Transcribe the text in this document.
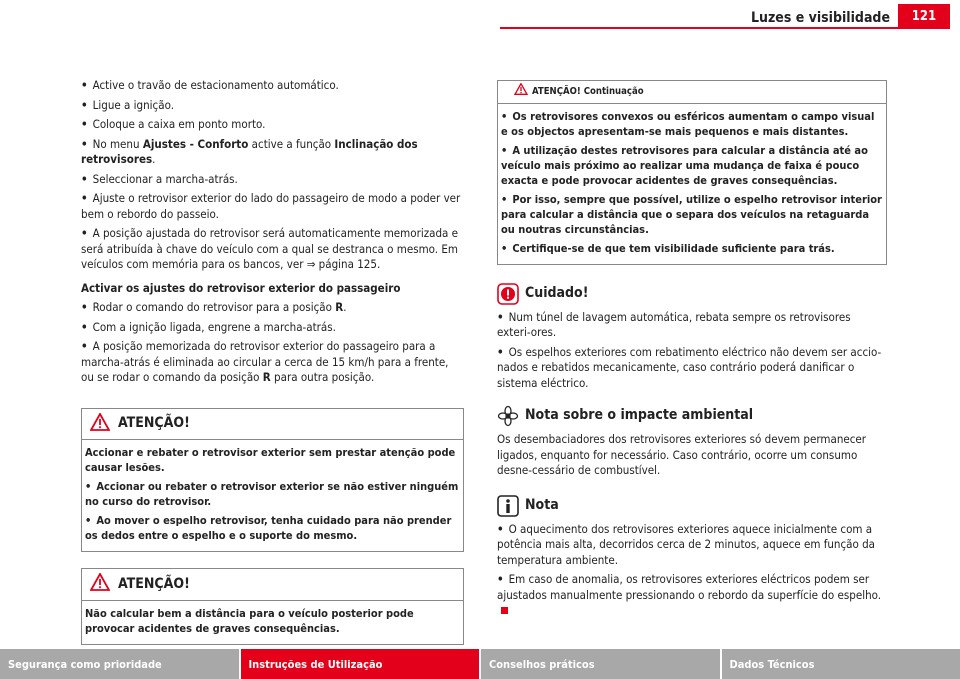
Luzes e visibilidade	121

• Active o travão de estacionamento automático.

• Ligue a ignição.

• Coloque a caixa em ponto morto.

• No menu Ajustes - Conforto active a função Inclinação dos retrovisores.

• Seleccionar a marcha-atrás.

• Ajuste o retrovisor exterior do lado do passageiro de modo a poder ver bem o rebordo do passeio.

• A posição ajustada do retrovisor será automaticamente memorizada e será atribuída à chave do veículo com a qual se destranca o mesmo. Em veículos com memória para os bancos, ver ⇒ página 125.

Activar os ajustes do retrovisor exterior do passageiro

• Rodar o comando do retrovisor para a posição R.

• Com a ignição ligada, engrene a marcha-atrás.

• A posição memorizada do retrovisor exterior do passageiro para a marcha-atrás é eliminada ao circular a cerca de 15 km/h para a frente, ou se rodar o comando da posição R para outra posição.

ATENÇÃO!

Accionar e rebater o retrovisor exterior sem prestar atenção pode causar lesões.

• Accionar ou rebater o retrovisor exterior se não estiver ninguém no curso do retrovisor.

• Ao mover o espelho retrovisor, tenha cuidado para não prender os dedos entre o espelho e o suporte do mesmo.

ATENÇÃO!

Não calcular bem a distância para o veículo posterior pode provocar acidentes de graves consequências.

ATENÇÃO! Continuação

• Os retrovisores convexos ou esféricos aumentam o campo visual e os objectos apresentam-se mais pequenos e mais distantes.

• A utilização destes retrovisores para calcular a distância até ao veículo mais próximo ao realizar uma mudança de faixa é pouco exacta e pode provocar acidentes de graves consequências.

• Por isso, sempre que possível, utilize o espelho retrovisor interior para calcular a distância que o separa dos veículos na retaguarda ou noutras circunstâncias.

• Certifique-se de que tem visibilidade suficiente para trás.

Cuidado!

• Num túnel de lavagem automática, rebata sempre os retrovisores exteri-ores.

• Os espelhos exteriores com rebatimento eléctrico não devem ser accio-nados e rebatidos mecanicamente, caso contrário poderá danificar o sistema eléctrico.

Nota sobre o impacte ambiental

Os desembaciadores dos retrovisores exteriores só devem permanecer ligados, enquanto for necessário. Caso contrário, ocorre um consumo desne-cessário de combustível.

Nota

• O aquecimento dos retrovisores exteriores aquece inicialmente com a potência mais alta, decorridos cerca de 2 minutos, aquece em função da temperatura ambiente.

• Em caso de anomalia, os retrovisores exteriores eléctricos podem ser ajustados manualmente pressionando o rebordo da superfície do espelho.

Segurança como prioridade	Instruções de Utilização	Conselhos práticos	Dados Técnicos
